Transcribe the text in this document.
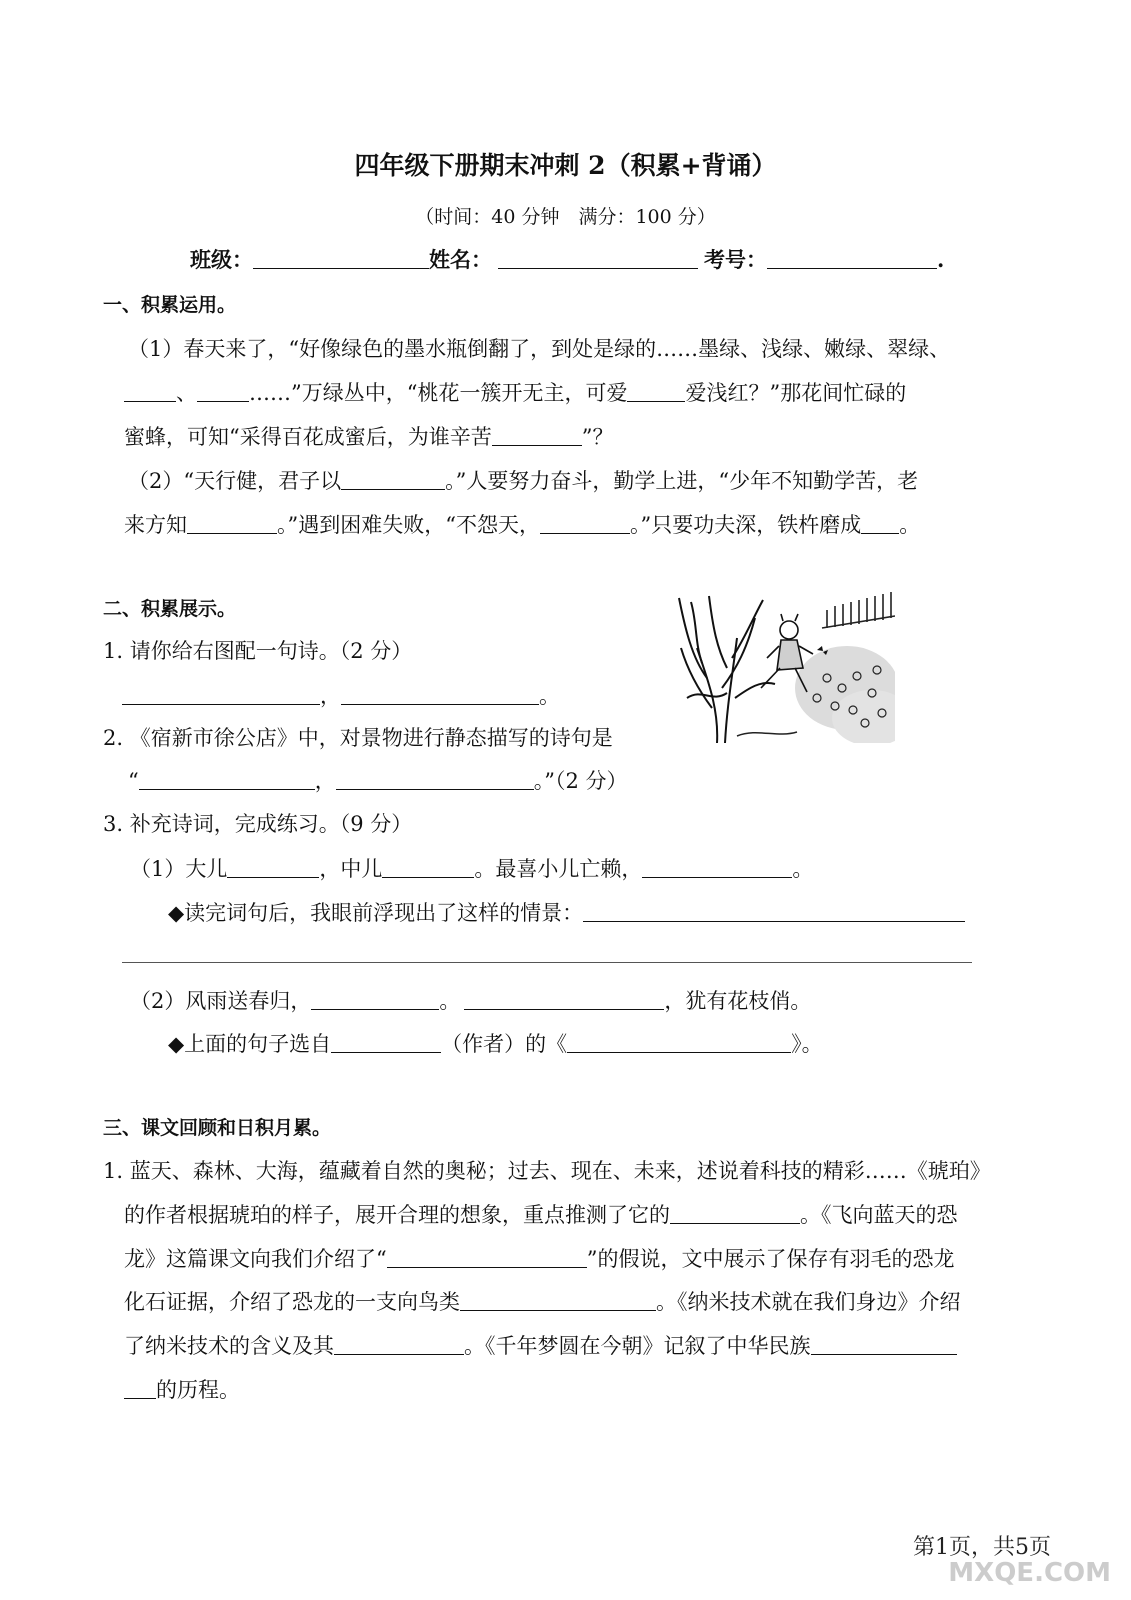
四年级下册期末冲刺 2（积累+背诵）
（时间：40 分钟　满分：100 分）
班级：	姓名：	考号：	.
一、积累运用。
（1）春天来了，“好像绿色的墨水瓶倒翻了，到处是绿的……墨绿、浅绿、嫩绿、翠绿、
、 ……”万绿丛中，“桃花一簇开无主，可爱	爱浅红？”那花间忙碌的
蜜蜂，可知“采得百花成蜜后，为谁辛苦	”？
（2）“天行健，君子以	。”人要努力奋斗，勤学上进，“少年不知勤学苦，老
来方知	。”遇到困难失败，“不怨天，	。”只要功夫深，铁杵磨成 。
二、积累展示。
1. 请你给右图配一句诗。（2 分）
，	。
2. 《宿新市徐公店》中，对景物进行静态描写的诗句是
“	，	。”（2 分）
3. 补充诗词，完成练习。（9 分）
（1）大儿	，中儿	。最喜小儿亡赖，	。
◆读完词句后，我眼前浮现出了这样的情景：
（2）风雨送春归，	。	，犹有花枝俏。
◆上面的句子选自	（作者）的《	》。
三、课文回顾和日积月累。
1. 蓝天、森林、大海，蕴藏着自然的奥秘；过去、现在、未来，述说着科技的精彩……《琥珀》
的作者根据琥珀的样子，展开合理的想象，重点推测了它的	。《飞向蓝天的恐
龙》这篇课文向我们介绍了“	”的假说，文中展示了保存有羽毛的恐龙
化石证据，介绍了恐龙的一支向鸟类	。《纳米技术就在我们身边》介绍
了纳米技术的含义及其	。《千年梦圆在今朝》记叙了中华民族
的历程。
第1页，共5页
MXQE.COM
